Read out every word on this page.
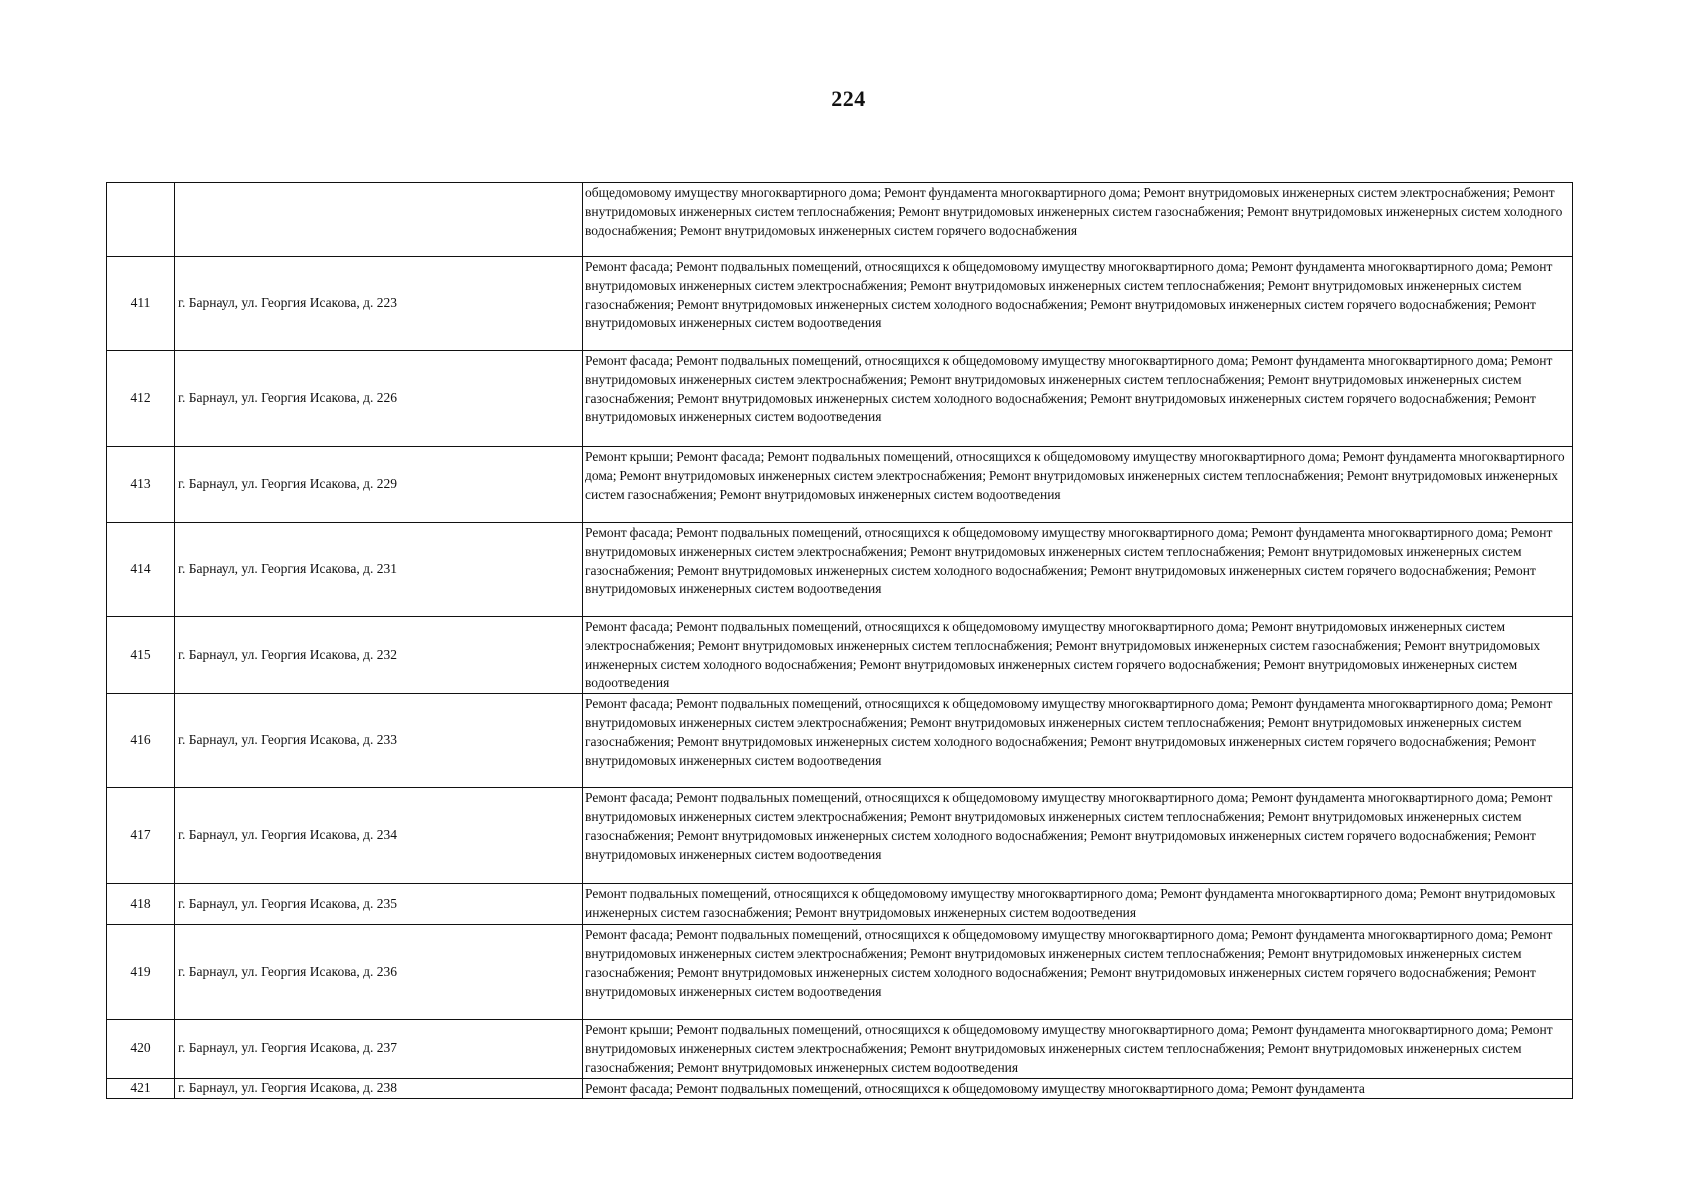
224
		общедомовому имуществу многоквартирного дома; Ремонт фундамента многоквартирного дома; Ремонт внутридомовых инженерных систем электроснабжения; Ремонт внутридомовых инженерных систем теплоснабжения; Ремонт внутридомовых инженерных систем газоснабжения; Ремонт внутридомовых инженерных систем холодного водоснабжения; Ремонт внутридомовых инженерных систем горячего водоснабжения
411	г. Барнаул, ул. Георгия Исакова, д. 223	Ремонт фасада; Ремонт подвальных помещений, относящихся к общедомовому имуществу многоквартирного дома; Ремонт фундамента многоквартирного дома; Ремонт внутридомовых инженерных систем электроснабжения; Ремонт внутридомовых инженерных систем теплоснабжения; Ремонт внутридомовых инженерных систем газоснабжения; Ремонт внутридомовых инженерных систем холодного водоснабжения; Ремонт внутридомовых инженерных систем горячего водоснабжения; Ремонт внутридомовых инженерных систем водоотведения
412	г. Барнаул, ул. Георгия Исакова, д. 226	Ремонт фасада; Ремонт подвальных помещений, относящихся к общедомовому имуществу многоквартирного дома; Ремонт фундамента многоквартирного дома; Ремонт внутридомовых инженерных систем электроснабжения; Ремонт внутридомовых инженерных систем теплоснабжения; Ремонт внутридомовых инженерных систем газоснабжения; Ремонт внутридомовых инженерных систем холодного водоснабжения; Ремонт внутридомовых инженерных систем горячего водоснабжения; Ремонт внутридомовых инженерных систем водоотведения
413	г. Барнаул, ул. Георгия Исакова, д. 229	Ремонт крыши; Ремонт фасада; Ремонт подвальных помещений, относящихся к общедомовому имуществу многоквартирного дома; Ремонт фундамента многоквартирного дома; Ремонт внутридомовых инженерных систем электроснабжения; Ремонт внутридомовых инженерных систем теплоснабжения; Ремонт внутридомовых инженерных систем газоснабжения; Ремонт внутридомовых инженерных систем водоотведения
414	г. Барнаул, ул. Георгия Исакова, д. 231	Ремонт фасада; Ремонт подвальных помещений, относящихся к общедомовому имуществу многоквартирного дома; Ремонт фундамента многоквартирного дома; Ремонт внутридомовых инженерных систем электроснабжения; Ремонт внутридомовых инженерных систем теплоснабжения; Ремонт внутридомовых инженерных систем газоснабжения; Ремонт внутридомовых инженерных систем холодного водоснабжения; Ремонт внутридомовых инженерных систем горячего водоснабжения; Ремонт внутридомовых инженерных систем водоотведения
415	г. Барнаул, ул. Георгия Исакова, д. 232	Ремонт фасада; Ремонт подвальных помещений, относящихся к общедомовому имуществу многоквартирного дома; Ремонт внутридомовых инженерных систем электроснабжения; Ремонт внутридомовых инженерных систем теплоснабжения; Ремонт внутридомовых инженерных систем газоснабжения; Ремонт внутридомовых инженерных систем холодного водоснабжения; Ремонт внутридомовых инженерных систем горячего водоснабжения; Ремонт внутридомовых инженерных систем водоотведения
416	г. Барнаул, ул. Георгия Исакова, д. 233	Ремонт фасада; Ремонт подвальных помещений, относящихся к общедомовому имуществу многоквартирного дома; Ремонт фундамента многоквартирного дома; Ремонт внутридомовых инженерных систем электроснабжения; Ремонт внутридомовых инженерных систем теплоснабжения; Ремонт внутридомовых инженерных систем газоснабжения; Ремонт внутридомовых инженерных систем холодного водоснабжения; Ремонт внутридомовых инженерных систем горячего водоснабжения; Ремонт внутридомовых инженерных систем водоотведения
417	г. Барнаул, ул. Георгия Исакова, д. 234	Ремонт фасада; Ремонт подвальных помещений, относящихся к общедомовому имуществу многоквартирного дома; Ремонт фундамента многоквартирного дома; Ремонт внутридомовых инженерных систем электроснабжения; Ремонт внутридомовых инженерных систем теплоснабжения; Ремонт внутридомовых инженерных систем газоснабжения; Ремонт внутридомовых инженерных систем холодного водоснабжения; Ремонт внутридомовых инженерных систем горячего водоснабжения; Ремонт внутридомовых инженерных систем водоотведения
418	г. Барнаул, ул. Георгия Исакова, д. 235	Ремонт подвальных помещений, относящихся к общедомовому имуществу многоквартирного дома; Ремонт фундамента многоквартирного дома; Ремонт внутридомовых инженерных систем газоснабжения; Ремонт внутридомовых инженерных систем водоотведения
419	г. Барнаул, ул. Георгия Исакова, д. 236	Ремонт фасада; Ремонт подвальных помещений, относящихся к общедомовому имуществу многоквартирного дома; Ремонт фундамента многоквартирного дома; Ремонт внутридомовых инженерных систем электроснабжения; Ремонт внутридомовых инженерных систем теплоснабжения; Ремонт внутридомовых инженерных систем газоснабжения; Ремонт внутридомовых инженерных систем холодного водоснабжения; Ремонт внутридомовых инженерных систем горячего водоснабжения; Ремонт внутридомовых инженерных систем водоотведения
420	г. Барнаул, ул. Георгия Исакова, д. 237	Ремонт крыши; Ремонт подвальных помещений, относящихся к общедомовому имуществу многоквартирного дома; Ремонт фундамента многоквартирного дома; Ремонт внутридомовых инженерных систем электроснабжения; Ремонт внутридомовых инженерных систем теплоснабжения; Ремонт внутридомовых инженерных систем газоснабжения; Ремонт внутридомовых инженерных систем водоотведения
421	г. Барнаул, ул. Георгия Исакова, д. 238	Ремонт фасада; Ремонт подвальных помещений, относящихся к общедомовому имуществу многоквартирного дома; Ремонт фундамента
